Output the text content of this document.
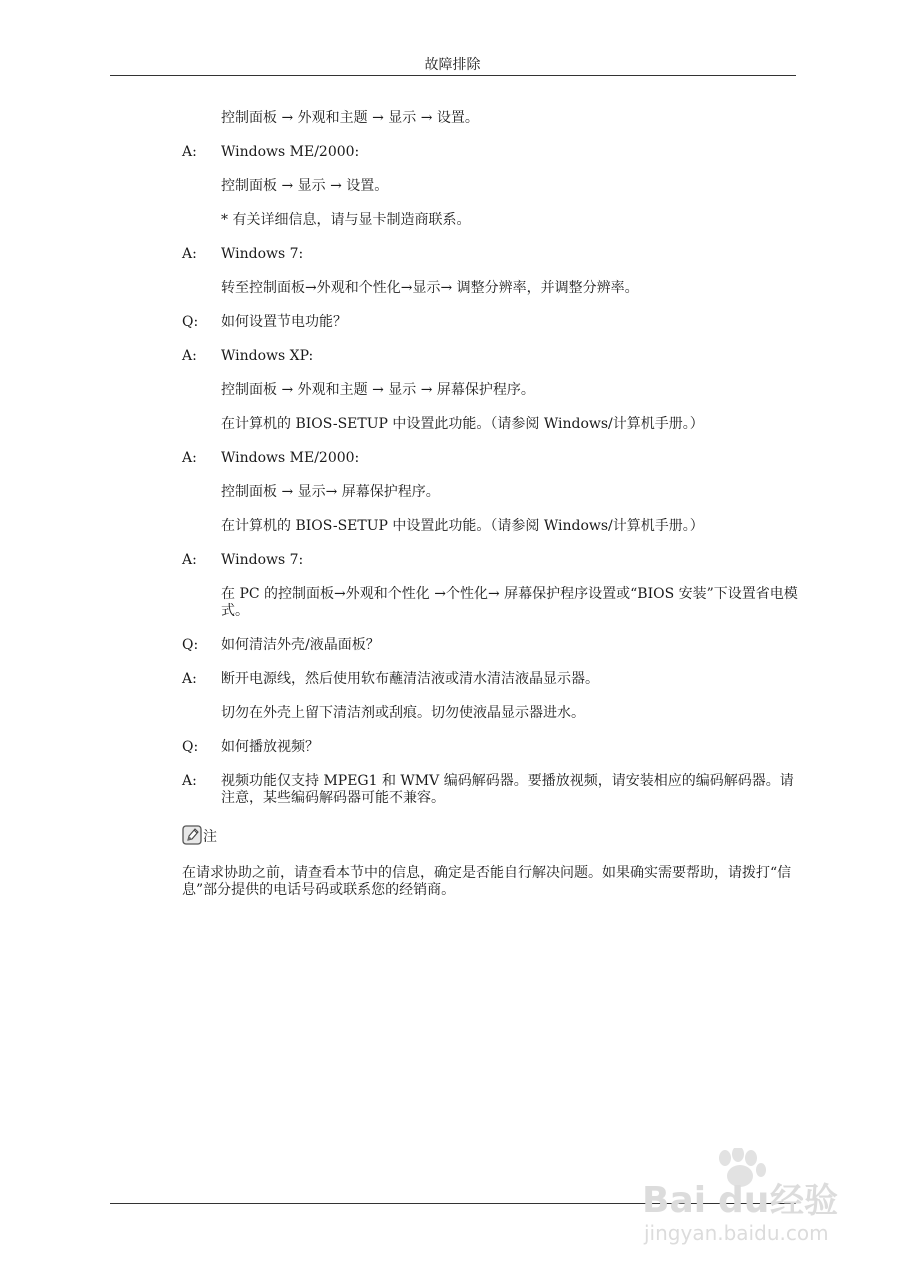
故障排除
控制面板 → 外观和主题 → 显示 → 设置。
A:	Windows ME/2000:
控制面板 → 显示 → 设置。
* 有关详细信息，请与显卡制造商联系。
A:	Windows 7:
转至控制面板→外观和个性化→显示→ 调整分辨率，并调整分辨率。
Q:	如何设置节电功能？
A:	Windows XP:
控制面板 → 外观和主题 → 显示 → 屏幕保护程序。
在计算机的 BIOS-SETUP 中设置此功能。（请参阅 Windows/计算机手册。）
A:	Windows ME/2000:
控制面板 → 显示→ 屏幕保护程序。
在计算机的 BIOS-SETUP 中设置此功能。（请参阅 Windows/计算机手册。）
A:	Windows 7:
在 PC 的控制面板→外观和个性化 →个性化→ 屏幕保护程序设置或“BIOS 安装”下设置省电模式。
Q:	如何清洁外壳/液晶面板？
A:	断开电源线，然后使用软布蘸清洁液或清水清洁液晶显示器。
切勿在外壳上留下清洁剂或刮痕。切勿使液晶显示器进水。
Q:	如何播放视频？
A:	视频功能仅支持 MPEG1 和 WMV 编码解码器。要播放视频，请安装相应的编码解码器。请注意，某些编码解码器可能不兼容。
注
在请求协助之前，请查看本节中的信息，确定是否能自行解决问题。如果确实需要帮助，请拨打“信息”部分提供的电话号码或联系您的经销商。
Bai du 经验
jingyan.baidu.com
